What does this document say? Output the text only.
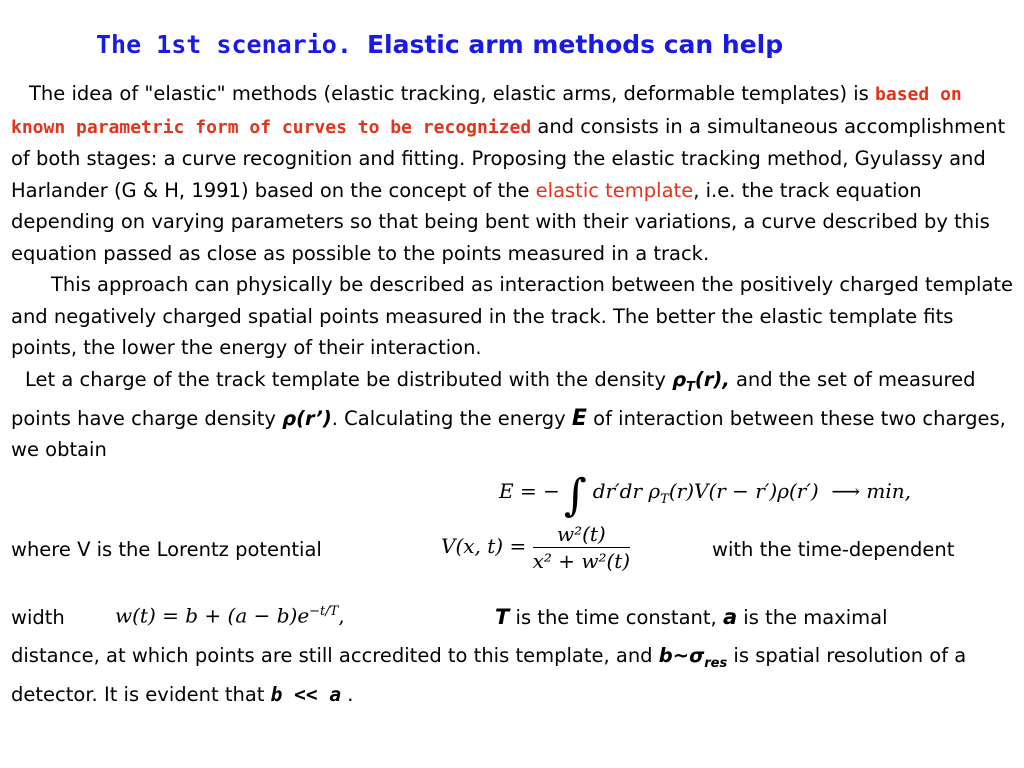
The 1st scenario. Elastic arm methods can help

The idea of "elastic" methods (elastic tracking, elastic arms, deformable templates) is based on known parametric form of curves to be recognized and consists in a simultaneous accomplishment of both stages: a curve recognition and fitting. Proposing the elastic tracking method, Gyulassy and Harlander (G & H, 1991) based on the concept of the elastic template, i.e. the track equation depending on varying parameters so that being bent with their variations, a curve described by this equation passed as close as possible to the points measured in a track.

This approach can physically be described as interaction between the positively charged template and negatively charged spatial points measured in the track. The better the elastic template fits points, the lower the energy of their interaction.

Let a charge of the track template be distributed with the density $\rho_T(r)$, and the set of measured points have charge density ρ(r’). Calculating the energy E of interaction between these two charges, we obtain

E = −∫ dr′dr $\rho_T(r)V(r - r')\rho(r')$ ⟶ min,
where V is the Lorentz potential	V(x, $t) = \frac{\text{w²(t)}}{\text{x² + w²(t)}}$	with the time-dependent
width	$w(t) = b + (a - b)e^{-t/T}$,	T is the time constant, a is the maximal

distance, at which points are still accredited to this template, and $b\sim\sigma_{res}$ is spatial resolution of a detector. It is evident that b << a .
